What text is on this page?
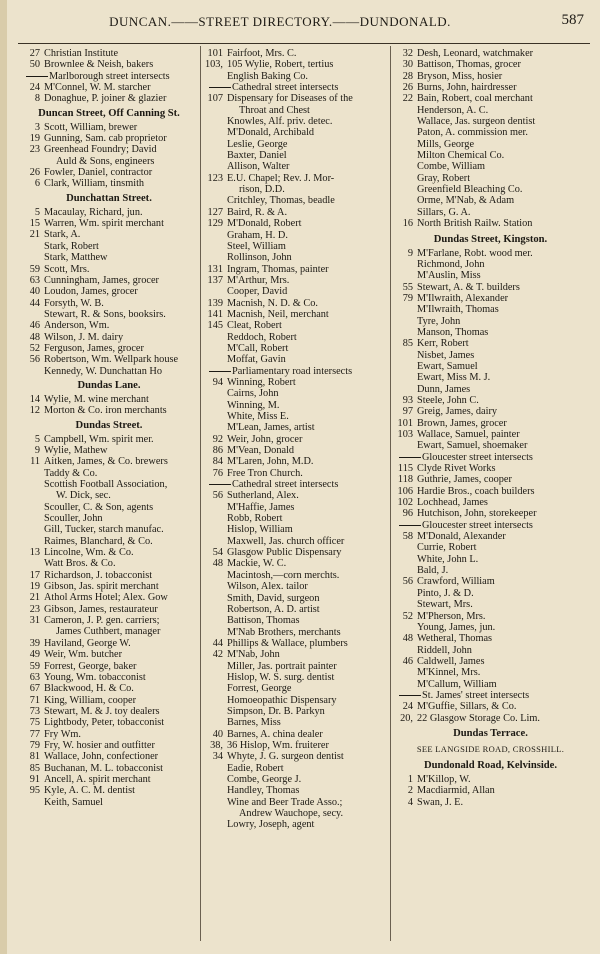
DUNCAN.——STREET DIRECTORY.——DUNDONALD.	587
27 Christian Institute
50 Brownlee & Neish, bakers
Marlborough street intersects
24 M'Connel, W. M. starcher
8 Donaghue, P. joiner & glazier
Duncan Street, Off Canning St.
3 Scott, William, brewer
19 Gunning, Sam. cab proprietor
23 Greenhead Foundry; David
Auld & Sons, engineers
26 Fowler, Daniel, contractor
6 Clark, William, tinsmith
Dunchattan Street.
5 Macaulay, Richard, jun.
15 Warren, Wm. spirit merchant
21 Stark, A.
Stark, Robert
Stark, Matthew
59 Scott, Mrs.
63 Cunningham, James, grocer
40 Loudon, James, grocer
44 Forsyth, W. B.
Stewart, R. & Sons, booksirs.
46 Anderson, Wm.
48 Wilson, J. M. dairy
52 Ferguson, James, grocer
56 Robertson, Wm. Wellpark house
Kennedy, W. Dunchattan Ho
Dundas Lane.
14 Wylie, M. wine merchant
12 Morton & Co. iron merchants
Dundas Street.
5 Campbell, Wm. spirit mer.
9 Wylie, Mathew
11 Aitken, James, & Co. brewers
Taddy & Co.
Scottish Football Association,
W. Dick, sec.
Scouller, C. & Son, agents
Scouller, John
Gill, Tucker, starch manufac.
Raimes, Blanchard, & Co.
13 Lincolne, Wm. & Co.
Watt Bros. & Co.
17 Richardson, J. tobacconist
19 Gibson, Jas. spirit merchant
21 Athol Arms Hotel; Alex. Gow
23 Gibson, James, restaurateur
31 Cameron, J. P. gen. carriers;
James Cuthbert, manager
39 Haviland, George W.
49 Weir, Wm. butcher
59 Forrest, George, baker
63 Young, Wm. tobacconist
67 Blackwood, H. & Co.
71 King, William, cooper
73 Stewart, M. & J. toy dealers
75 Lightbody, Peter, tobacconist
77 Fry Wm.
79 Fry, W. hosier and outfitter
81 Wallace, John, confectioner
85 Buchanan, M. L. tobacconist
91 Ancell, A. spirit merchant
95 Kyle, A. C. M. dentist
Keith, Samuel
101 Fairfoot, Mrs. C.
103, 105 Wylie, Robert, tertius
English Baking Co.
Cathedral street intersects
107 Dispensary for Diseases of the
Throat and Chest
Knowles, Alf. priv. detec.
M'Donald, Archibald
Leslie, George
Baxter, Daniel
Allison, Walter
123 E.U. Chapel; Rev. J. Mor-
rison, D.D.
Critchley, Thomas, beadle
127 Baird, R. & A.
129 M'Donald, Robert
Graham, H. D.
Steel, William
Rollinson, John
131 Ingram, Thomas, painter
137 M'Arthur, Mrs.
Cooper, David
139 Macnish, N. D. & Co.
141 Macnish, Neil, merchant
145 Cleat, Robert
Reddoch, Robert
M'Call, Robert
Moffat, Gavin
Parliamentary road intersects
94 Winning, Robert
Cairns, John
Winning, M.
White, Miss E.
M'Lean, James, artist
92 Weir, John, grocer
86 M'Vean, Donald
84 M'Laren, John, M.D.
76 Free Tron Church.
Cathedral street intersects
56 Sutherland, Alex.
M'Haffie, James
Robb, Robert
Hislop, William
Maxwell, Jas. church officer
54 Glasgow Public Dispensary
48 Mackie, W. C.
Macintosh,—corn merchts.
Wilson, Alex. tailor
Smith, David, surgeon
Robertson, A. D. artist
Battison, Thomas
M'Nab Brothers, merchants
44 Phillips & Wallace, plumbers
42 M'Nab, John
Miller, Jas. portrait painter
Hislop, W. S. surg. dentist
Forrest, George
Homoeopathic Dispensary
Simpson, Dr. B. Parkyn
Barnes, Miss
40 Barnes, A. china dealer
38, 36 Hislop, Wm. fruiterer
34 Whyte, J. G. surgeon dentist
Eadie, Robert
Combe, George J.
Handley, Thomas
Wine and Beer Trade Asso.;
Andrew Wauchope, secy.
Lowry, Joseph, agent
32 Desh, Leonard, watchmaker
30 Battison, Thomas, grocer
28 Bryson, Miss, hosier
26 Burns, John, hairdresser
22 Bain, Robert, coal merchant
Henderson, A. C.
Wallace, Jas. surgeon dentist
Paton, A. commission mer.
Mills, George
Milton Chemical Co.
Combe, William
Gray, Robert
Greenfield Bleaching Co.
Orme, M'Nab, & Adam
Sillars, G. A.
16 North British Railw. Station
Dundas Street, Kingston.
9 M'Farlane, Robt. wood mer.
Richmond, John
M'Auslin, Miss
55 Stewart, A. & T. builders
79 M'Ilwraith, Alexander
M'Ilwraith, Thomas
Tyre, John
Manson, Thomas
85 Kerr, Robert
Nisbet, James
Ewart, Samuel
Ewart, Miss M. J.
Dunn, James
93 Steele, John C.
97 Greig, James, dairy
101 Brown, James, grocer
103 Wallace, Samuel, painter
Ewart, Samuel, shoemaker
Gloucester street intersects
115 Clyde Rivet Works
118 Guthrie, James, cooper
106 Hardie Bros., coach builders
102 Lochhead, James
96 Hutchison, John, storekeeper
Gloucester street intersects
58 M'Donald, Alexander
Currie, Robert
White, John L.
Bald, J.
56 Crawford, William
Pinto, J. & D.
Stewart, Mrs.
52 M'Pherson, Mrs.
Young, James, jun.
48 Wetheral, Thomas
Riddell, John
46 Caldwell, James
M'Kinnel, Mrs.
M'Callum, William
St. James' street intersects
24 M'Guffie, Sillars, & Co.
20, 22 Glasgow Storage Co. Lim.
Dundas Terrace.
SEE LANGSIDE ROAD, CROSSHILL.
Dundonald Road, Kelvinside.
1 M'Killop, W.
2 Macdiarmid, Allan
4 Swan, J. E.
